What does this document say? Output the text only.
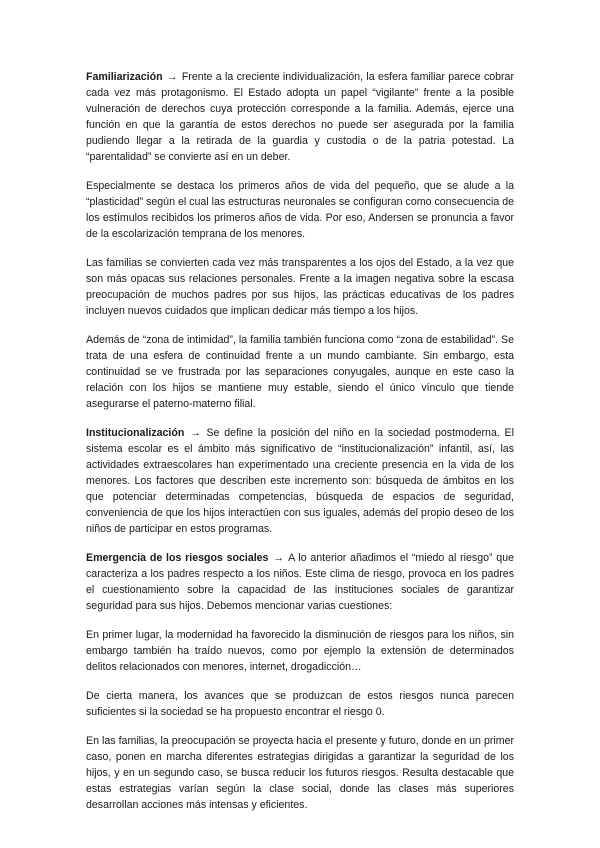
Familiarización → Frente a la creciente individualización, la esfera familiar parece cobrar cada vez más protagonismo. El Estado adopta un papel “vigilante” frente a la posible vulneración de derechos cuya protección corresponde a la familia. Además, ejerce una función en que la garantía de estos derechos no puede ser asegurada por la familia pudiendo llegar a la retirada de la guardia y custodia o de la patria potestad. La “parentalidad” se convierte así en un deber.

Especialmente se destaca los primeros años de vida del pequeño, que se alude a la “plasticidad” según el cual las estructuras neuronales se configuran como consecuencia de los estímulos recibidos los primeros años de vida. Por eso, Andersen se pronuncia a favor de la escolarización temprana de los menores.

Las familias se convierten cada vez más transparentes a los ojos del Estado, a la vez que son más opacas sus relaciones personales. Frente a la imagen negativa sobre la escasa preocupación de muchos padres por sus hijos, las prácticas educativas de los padres incluyen nuevos cuidados que implican dedicar más tiempo a los hijos.

Además de “zona de intimidad”, la familia también funciona como “zona de estabilidad”. Se trata de una esfera de continuidad frente a un mundo cambiante. Sin embargo, esta continuidad se ve frustrada por las separaciones conyugales, aunque en este caso la relación con los hijos se mantiene muy estable, siendo el único vínculo que tiende asegurarse el paterno-materno filial.

Institucionalización → Se define la posición del niño en la sociedad postmoderna. El sistema escolar es el ámbito más significativo de “institucionalización” infantil, así, las actividades extraescolares han experimentado una creciente presencia en la vida de los menores. Los factores que describen este incremento son: búsqueda de ámbitos en los que potenciar determinadas competencias, búsqueda de espacios de seguridad, conveniencia de que los hijos interactúen con sus iguales, además del propio deseo de los niños de participar en estos programas.

Emergencia de los riesgos sociales → A lo anterior añadimos el “miedo al riesgo” que caracteriza a los padres respecto a los niños. Este clima de riesgo, provoca en los padres el cuestionamiento sobre la capacidad de las instituciones sociales de garantizar seguridad para sus hijos. Debemos mencionar varias cuestiones:

En primer lugar, la modernidad ha favorecido la disminución de riesgos para los niños, sin embargo también ha traído nuevos, como por ejemplo la extensión de determinados delitos relacionados con menores, internet, drogadicción…

De cierta manera, los avances que se produzcan de estos riesgos nunca parecen suficientes si la sociedad se ha propuesto encontrar el riesgo 0.

En las familias, la preocupación se proyecta hacia el presente y futuro, donde en un primer caso, ponen en marcha diferentes estrategias dirigidas a garantizar la seguridad de los hijos, y en un segundo caso, se busca reducir los futuros riesgos. Resulta destacable que estas estrategias varían según la clase social, donde las clases más superiores desarrollan acciones más intensas y eficientes.
